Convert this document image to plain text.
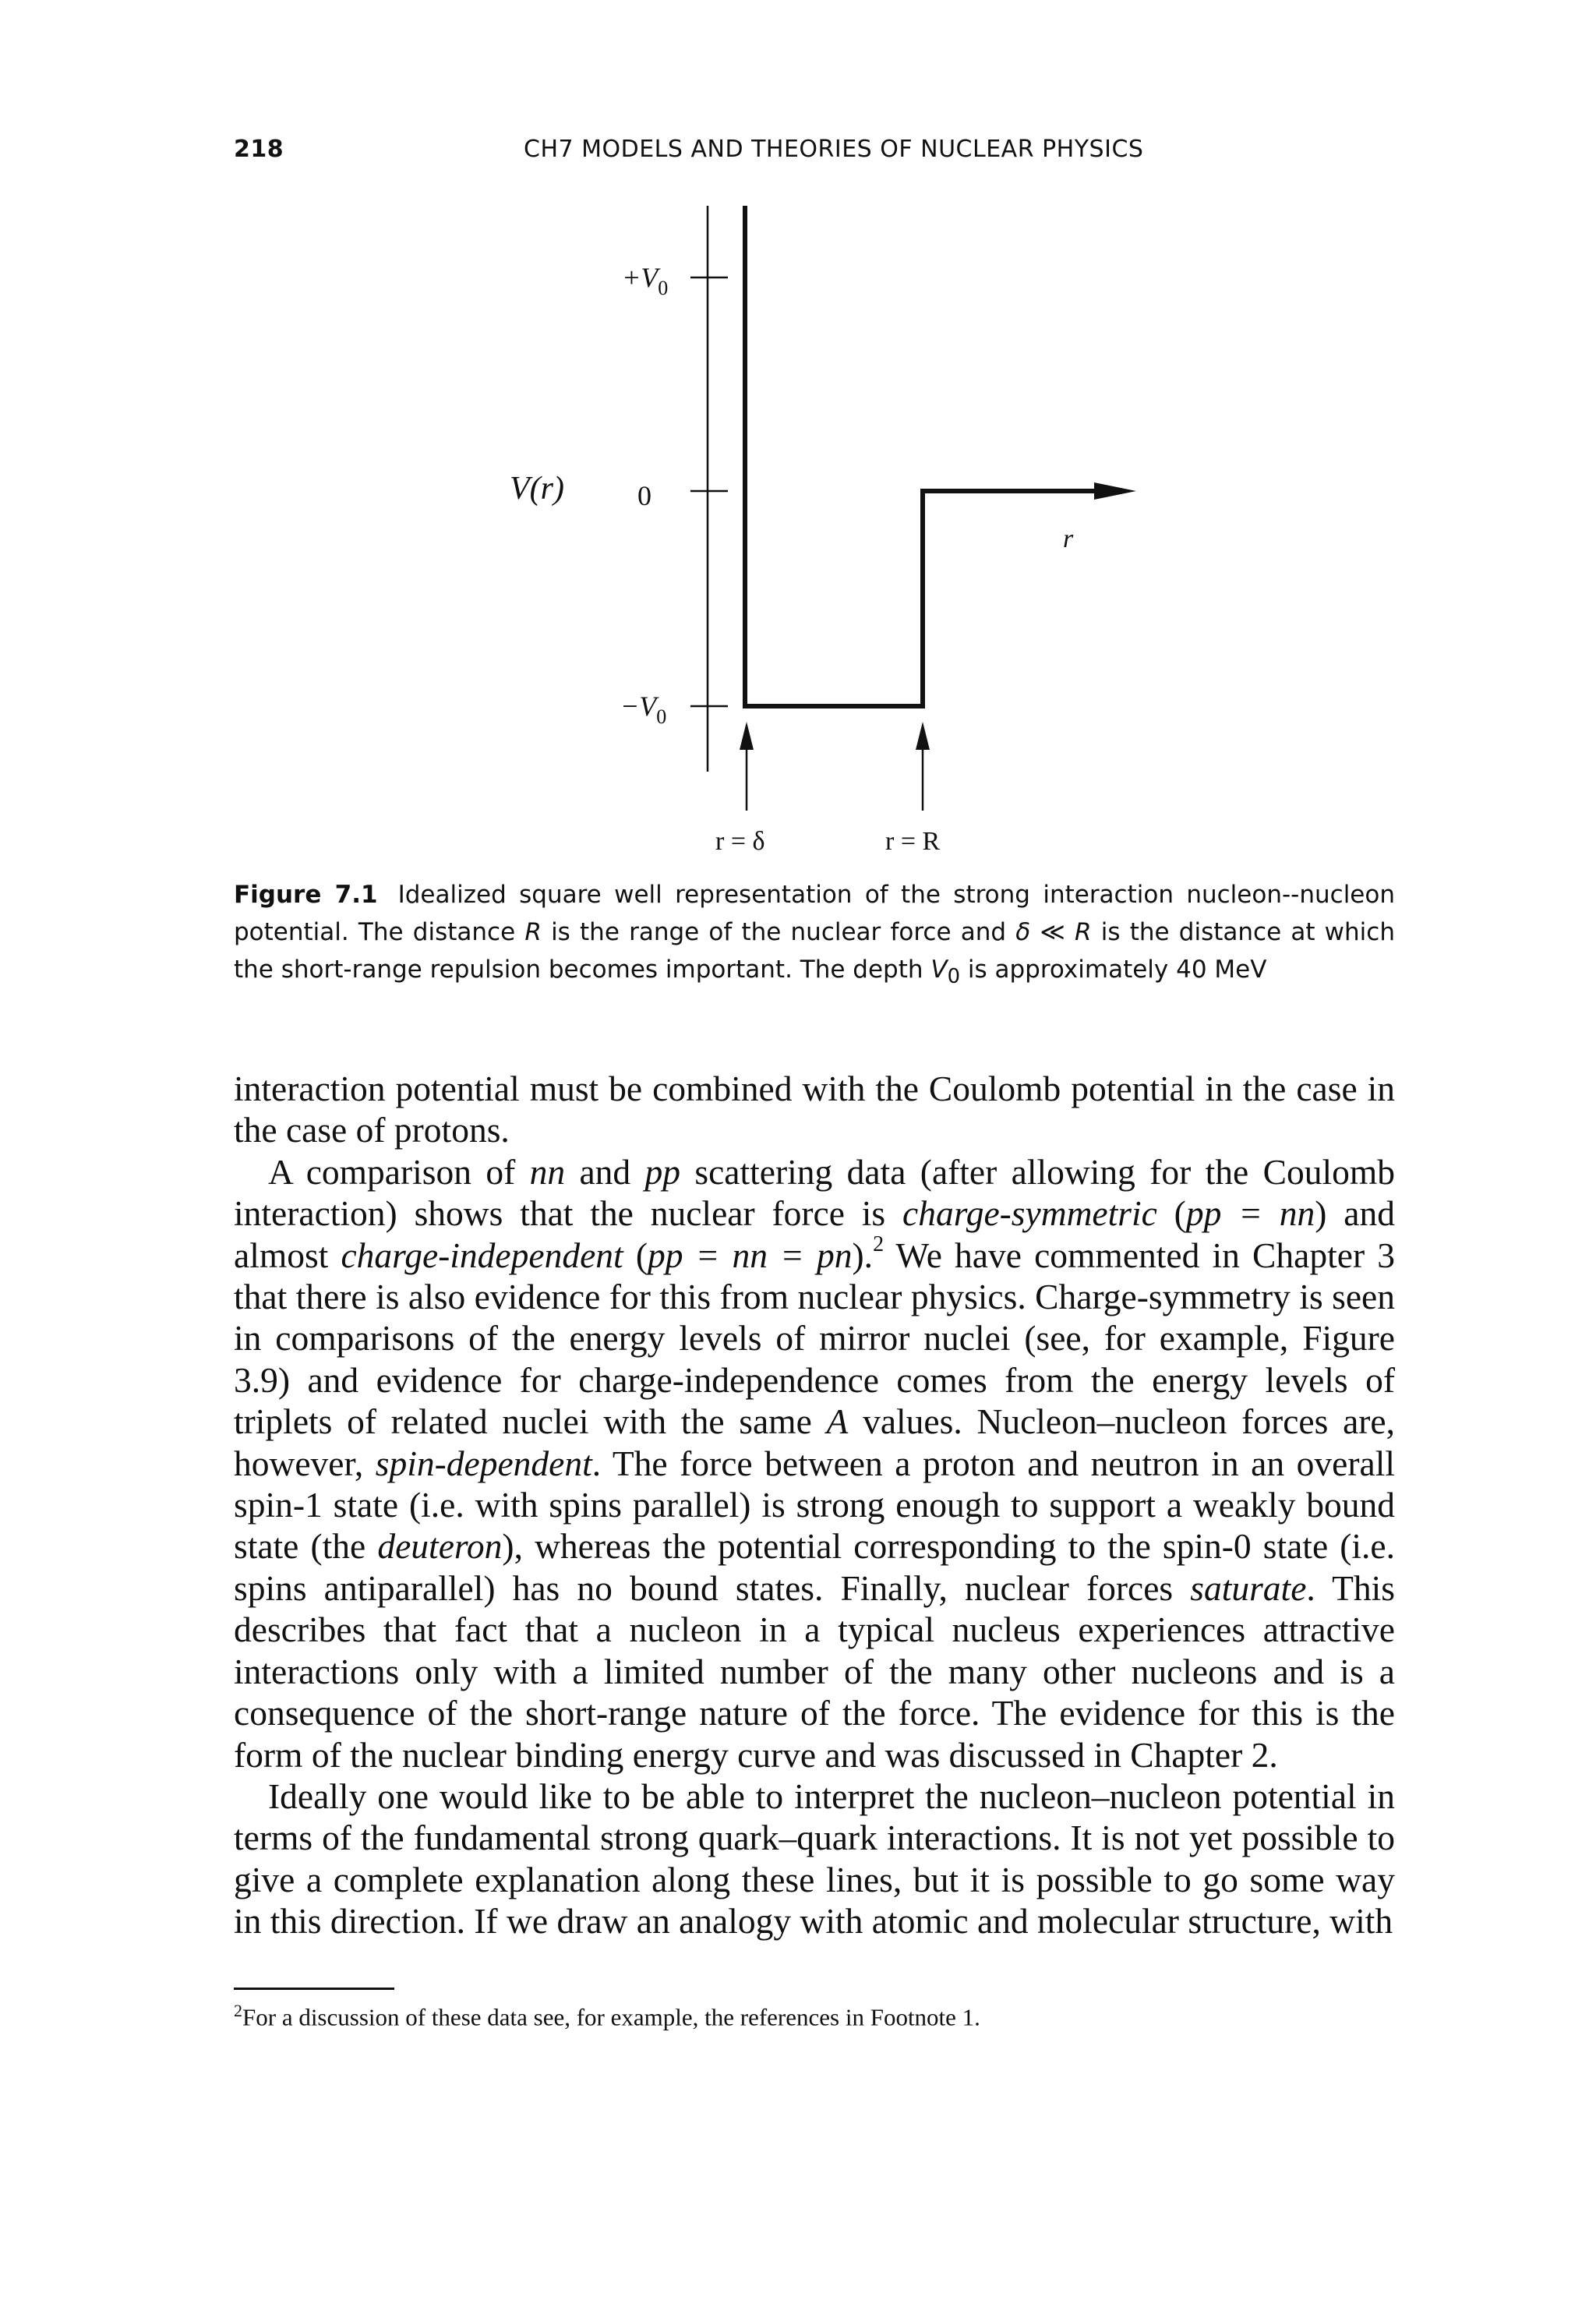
218	CH7 MODELS AND THEORIES OF NUCLEAR PHYSICS
$+V_0$
0
$-V_0$
V(r)
r
r = δ	r = R
Figure 7.1 Idealized square well representation of the strong interaction nucleon--nucleon potential. The distance R is the range of the nuclear force and δ ≪ R is the distance at which the short-range repulsion becomes important. The depth $V_0$ is approximately 40 MeV

interaction potential must be combined with the Coulomb potential in the case in the case of protons.

A comparison of nn and pp scattering data (after allowing for the Coulomb interaction) shows that the nuclear force is charge-symmetric (pp = nn) and almost charge-independent (pp = nn = pn).$^2$ We have commented in Chapter 3 that there is also evidence for this from nuclear physics. Charge-symmetry is seen in comparisons of the energy levels of mirror nuclei (see, for example, Figure 3.9) and evidence for charge-independence comes from the energy levels of triplets of related nuclei with the same A values. Nucleon–nucleon forces are, however, spin-dependent. The force between a proton and neutron in an overall spin-1 state (i.e. with spins parallel) is strong enough to support a weakly bound state (the deuteron), whereas the potential corresponding to the spin-0 state (i.e. spins antiparallel) has no bound states. Finally, nuclear forces saturate. This describes that fact that a nucleon in a typical nucleus experiences attractive interactions only with a limited number of the many other nucleons and is a consequence of the short-range nature of the force. The evidence for this is the form of the nuclear binding energy curve and was discussed in Chapter 2.

Ideally one would like to be able to interpret the nucleon–nucleon potential in terms of the fundamental strong quark–quark interactions. It is not yet possible to give a complete explanation along these lines, but it is possible to go some way in this direction. If we draw an analogy with atomic and molecular structure, with

$^2$For a discussion of these data see, for example, the references in Footnote 1.
